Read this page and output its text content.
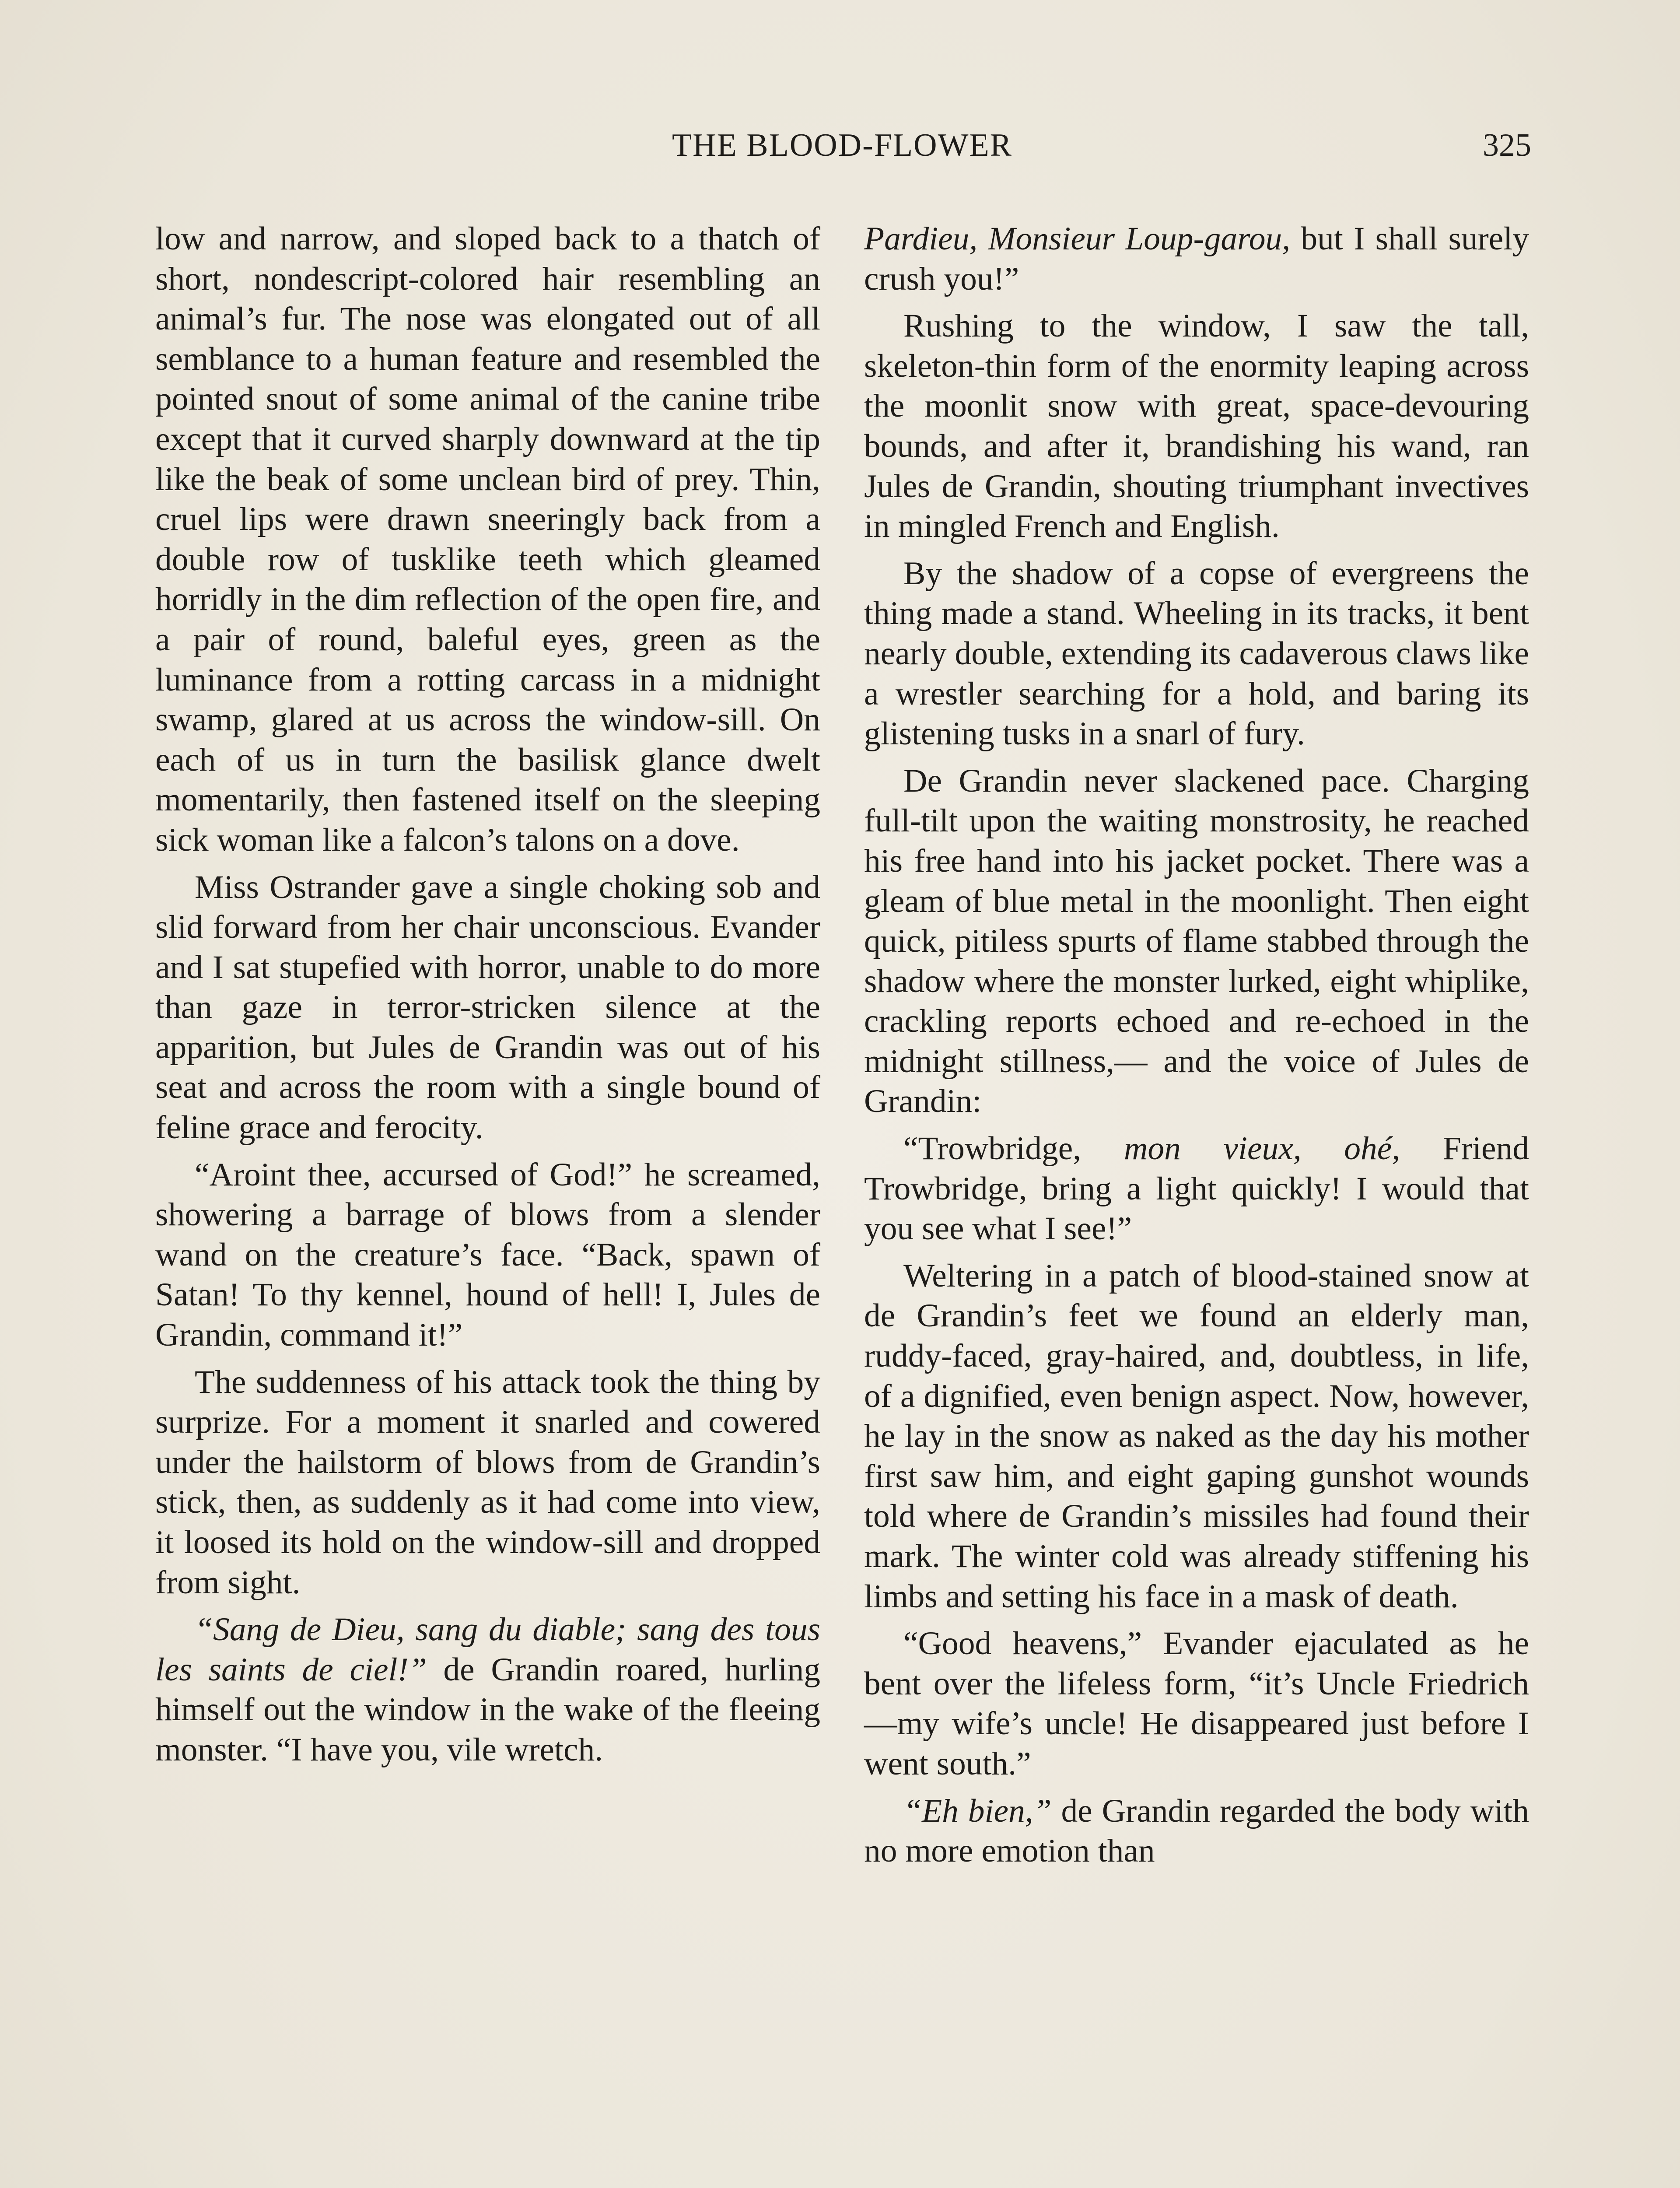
THE BLOOD-FLOWER	325

low and narrow, and sloped back to a thatch of short, nondescript-colored hair resembling an animal’s fur. The nose was elongated out of all semblance to a human feature and resembled the pointed snout of some animal of the canine tribe except that it curved sharply downward at the tip like the beak of some unclean bird of prey. Thin, cruel lips were drawn sneeringly back from a double row of tusklike teeth which gleamed horridly in the dim reflection of the open fire, and a pair of round, baleful eyes, green as the luminance from a rotting carcass in a midnight swamp, glared at us across the window-sill. On each of us in turn the basilisk glance dwelt momentarily, then fastened itself on the sleeping sick woman like a falcon’s talons on a dove.

Miss Ostrander gave a single choking sob and slid forward from her chair unconscious. Evander and I sat stupefied with horror, unable to do more than gaze in terror-stricken silence at the apparition, but Jules de Grandin was out of his seat and across the room with a single bound of feline grace and ferocity.

“Aroint thee, accursed of God!” he screamed, showering a barrage of blows from a slender wand on the creature’s face. “Back, spawn of Satan! To thy kennel, hound of hell! I, Jules de Grandin, command it!”

The suddenness of his attack took the thing by surprize. For a moment it snarled and cowered under the hailstorm of blows from de Grandin’s stick, then, as suddenly as it had come into view, it loosed its hold on the window-sill and dropped from sight.

“Sang de Dieu, sang du diable; sang des tous les saints de ciel!” de Grandin roared, hurling himself out the window in the wake of the fleeing monster. “I have you, vile wretch.

Pardieu, Monsieur Loup-garou, but I shall surely crush you!”

Rushing to the window, I saw the tall, skeleton-thin form of the enormity leaping across the moonlit snow with great, space-devouring bounds, and after it, brandishing his wand, ran Jules de Grandin, shouting triumphant invectives in mingled French and English.

By the shadow of a copse of evergreens the thing made a stand. Wheeling in its tracks, it bent nearly double, extending its cadaverous claws like a wrestler searching for a hold, and baring its glistening tusks in a snarl of fury.

De Grandin never slackened pace. Charging full-tilt upon the waiting monstrosity, he reached his free hand into his jacket pocket. There was a gleam of blue metal in the moonlight. Then eight quick, pitiless spurts of flame stabbed through the shadow where the monster lurked, eight whiplike, crackling reports echoed and re-echoed in the midnight stillness,— and the voice of Jules de Grandin:

“Trowbridge, mon vieux, ohé, Friend Trowbridge, bring a light quickly! I would that you see what I see!”

Weltering in a patch of blood-stained snow at de Grandin’s feet we found an elderly man, ruddy-faced, gray-haired, and, doubtless, in life, of a dignified, even benign aspect. Now, however, he lay in the snow as naked as the day his mother first saw him, and eight gaping gunshot wounds told where de Grandin’s missiles had found their mark. The winter cold was already stiffening his limbs and setting his face in a mask of death.

“Good heavens,” Evander ejaculated as he bent over the lifeless form, “it’s Uncle Friedrich—my wife’s uncle! He disappeared just before I went south.”

“Eh bien,” de Grandin regarded the body with no more emotion than
